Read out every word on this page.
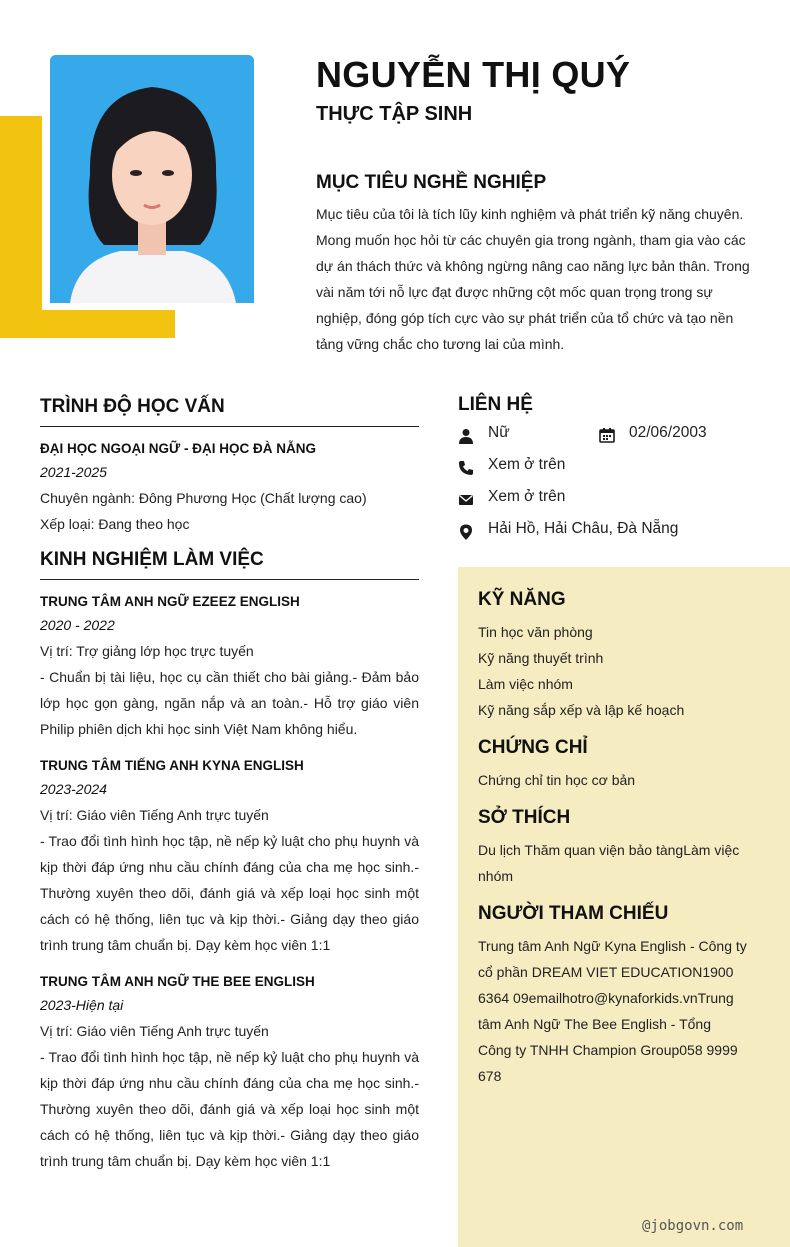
NGUYỄN THỊ QUÝ
THỰC TẬP SINH
MỤC TIÊU NGHỀ NGHIỆP

Mục tiêu của tôi là tích lũy kinh nghiệm và phát triển kỹ năng chuyên. Mong muốn học hỏi từ các chuyên gia trong ngành, tham gia vào các dự án thách thức và không ngừng nâng cao năng lực bản thân. Trong vài năm tới nỗ lực đạt được những cột mốc quan trọng trong sự nghiệp, đóng góp tích cực vào sự phát triển của tổ chức và tạo nền tảng vững chắc cho tương lai của mình.

TRÌNH ĐỘ HỌC VẤN
ĐẠI HỌC NGOẠI NGỮ - ĐẠI HỌC ĐÀ NẴNG
2021-2025
Chuyên ngành: Đông Phương Học (Chất lượng cao)
Xếp loại: Đang theo học
KINH NGHIỆM LÀM VIỆC
TRUNG TÂM ANH NGỮ EZEEZ ENGLISH
2020 - 2022
Vị trí: Trợ giảng lớp học trực tuyến
- Chuẩn bị tài liệu, học cụ cần thiết cho bài giảng.- Đảm bảo lớp học gọn gàng, ngăn nắp và an toàn.- Hỗ trợ giáo viên Philip phiên dịch khi học sinh Việt Nam không hiểu.
TRUNG TÂM TIẾNG ANH KYNA ENGLISH
2023-2024
Vị trí: Giáo viên Tiếng Anh trực tuyến
- Trao đổi tình hình học tập, nề nếp kỷ luật cho phụ huynh và kịp thời đáp ứng nhu cầu chính đáng của cha mẹ học sinh.- Thường xuyên theo dõi, đánh giá và xếp loại học sinh một cách có hệ thống, liên tục và kịp thời.- Giảng dạy theo giáo trình trung tâm chuẩn bị. Dạy kèm học viên 1:1
TRUNG TÂM ANH NGỮ THE BEE ENGLISH
2023-Hiện tại
Vị trí: Giáo viên Tiếng Anh trực tuyến
- Trao đổi tình hình học tập, nề nếp kỷ luật cho phụ huynh và kịp thời đáp ứng nhu cầu chính đáng của cha mẹ học sinh.- Thường xuyên theo dõi, đánh giá và xếp loại học sinh một cách có hệ thống, liên tục và kịp thời.- Giảng dạy theo giáo trình trung tâm chuẩn bị. Dạy kèm học viên 1:1
LIÊN HỆ
Nữ	02/06/2003
Xem ở trên
Xem ở trên
Hải Hồ, Hải Châu, Đà Nẵng
KỸ NĂNG
Tin học văn phòng
Kỹ năng thuyết trình
Làm việc nhóm
Kỹ năng sắp xếp và lập kế hoạch
CHỨNG CHỈ
Chứng chỉ tin học cơ bản
SỞ THÍCH
Du lịch Thăm quan viện bảo tàngLàm việc nhóm
NGƯỜI THAM CHIẾU
Trung tâm Anh Ngữ Kyna English - Công ty cổ phần DREAM VIET EDUCATION1900 6364 09emailhotro@kynaforkids.vnTrung tâm Anh Ngữ The Bee English - Tổng Công ty TNHH Champion Group058 9999 678
@jobgovn.com
